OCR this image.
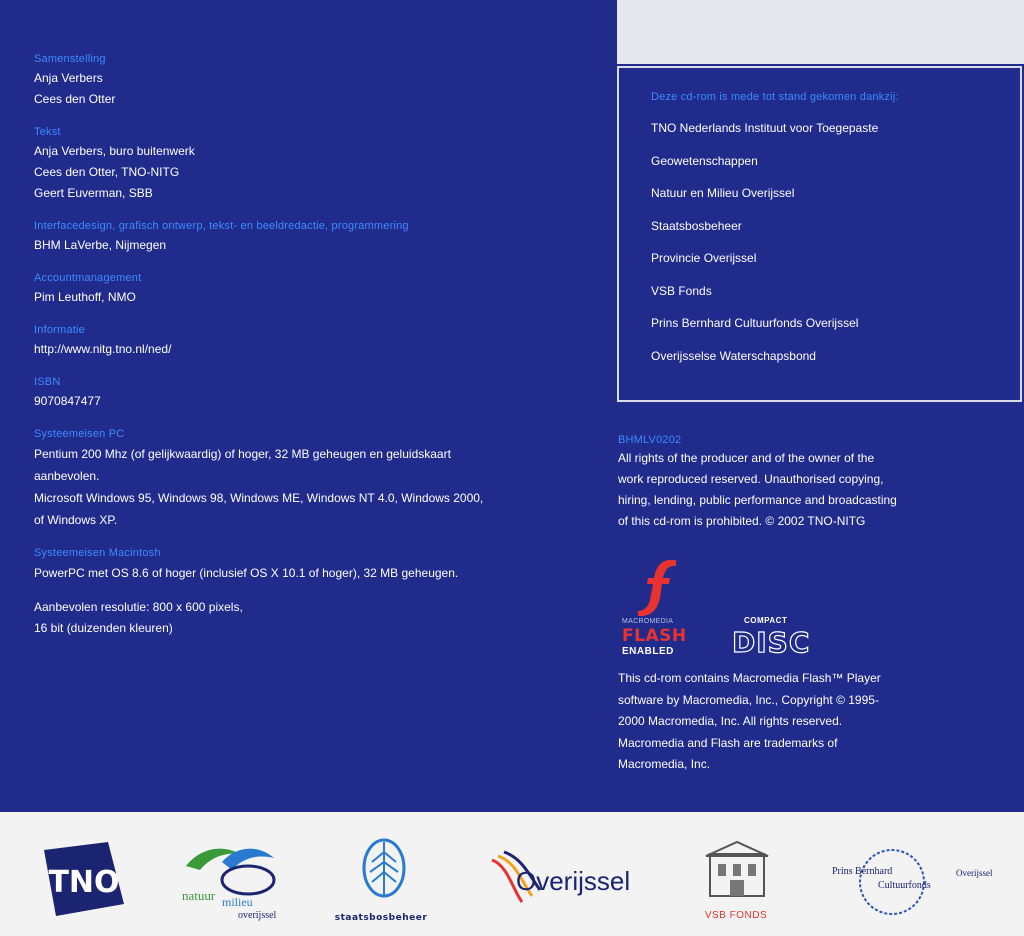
Samenstelling
Anja Verbers
Cees den Otter
Tekst
Anja Verbers, buro buitenwerk
Cees den Otter, TNO-NITG
Geert Euverman, SBB
Interfacedesign, grafisch ontwerp, tekst- en beeldredactie, programmering
BHM LaVerbe, Nijmegen
Accountmanagement
Pim Leuthoff, NMO
Informatie
http://www.nitg.tno.nl/ned/
ISBN
9070847477
Systeemeisen PC
Pentium 200 Mhz (of gelijkwaardig) of hoger, 32 MB geheugen en geluidskaart aanbevolen.
Microsoft Windows 95, Windows 98, Windows ME, Windows NT 4.0, Windows 2000, of Windows XP.
Systeemeisen Macintosh
PowerPC met OS 8.6 of hoger (inclusief OS X 10.1 of hoger), 32 MB geheugen.
Aanbevolen resolutie: 800 x 600 pixels,
16 bit (duizenden kleuren)
Deze cd-rom is mede tot stand gekomen dankzij:
TNO Nederlands Instituut voor Toegepaste
Geowetenschappen
Natuur en Milieu Overijssel
Staatsbosbeheer
Provincie Overijssel
VSB Fonds
Prins Bernhard Cultuurfonds Overijssel
Overijsselse Waterschapsbond
BHMLV0202
All rights of the producer and of the owner of the
work reproduced reserved. Unauthorised copying,
hiring, lending, public performance and broadcasting
of this cd-rom is prohibited. © 2002 TNO-NITG
MACROMEDIA
FLASH
ENABLED
COMPACT
DISC
This cd-rom contains Macromedia Flash™ Player
software by Macromedia, Inc., Copyright © 1995-
2000 Macromedia, Inc. All rights reserved.
Macromedia and Flash are trademarks of
Macromedia, Inc.
TNO	natuur milieu
overijssel	staatsbosbeheer
Overijssel
VSB FONDS
Prins Bernhard
Cultuurfonds
Overijssel
